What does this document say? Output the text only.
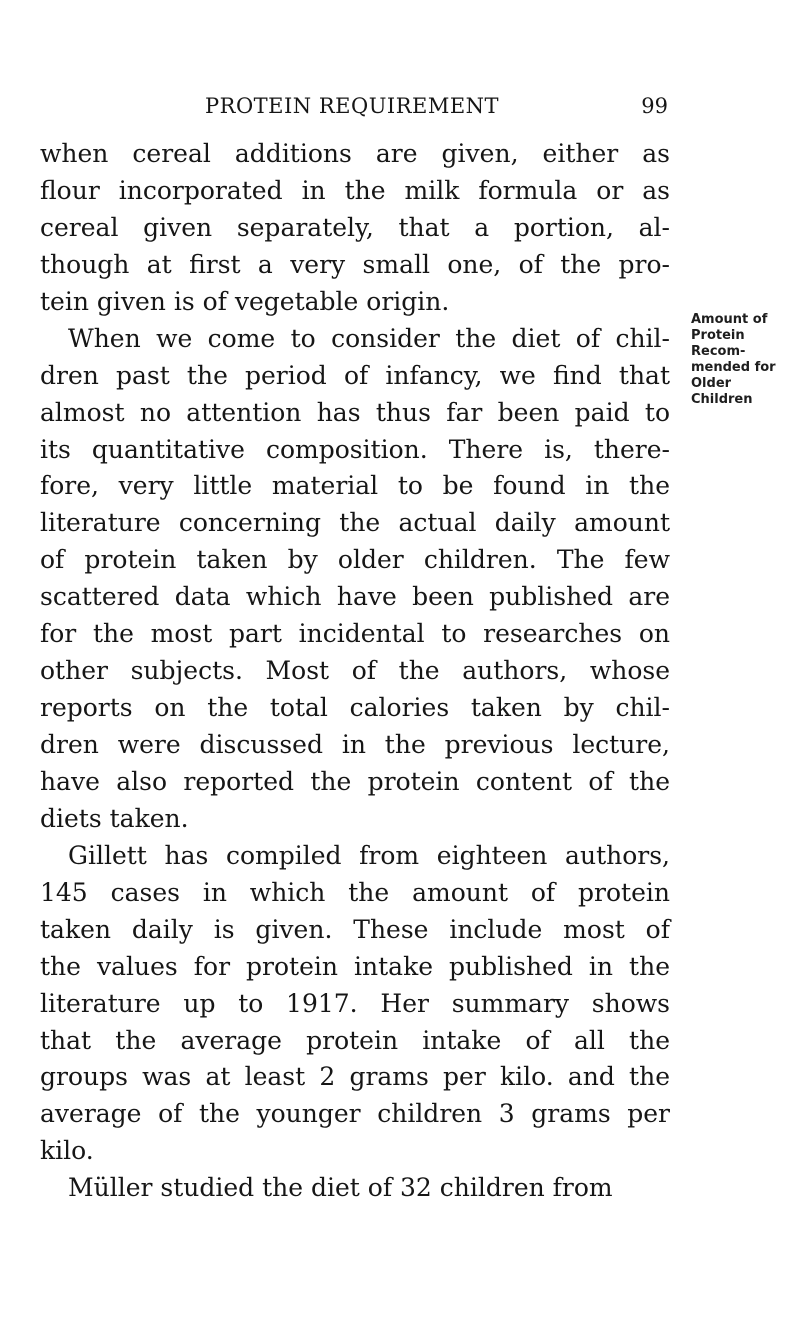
PROTEIN REQUIREMENT	99
when cereal additions are given, either as
flour incorporated in the milk formula or as
cereal given separately, that a portion, al-
though at first a very small one, of the pro-
tein given is of vegetable origin.
When we come to consider the diet of chil-
dren past the period of infancy, we find that
almost no attention has thus far been paid to
its quantitative composition. There is, there-
fore, very little material to be found in the
literature concerning the actual daily amount
of protein taken by older children. The few
scattered data which have been published are
for the most part incidental to researches on
other subjects. Most of the authors, whose
reports on the total calories taken by chil-
dren were discussed in the previous lecture,
have also reported the protein content of the
diets taken.
Gillett has compiled from eighteen authors,
145 cases in which the amount of protein
taken daily is given. These include most of
the values for protein intake published in the
literature up to 1917. Her summary shows
that the average protein intake of all the
groups was at least 2 grams per kilo. and the
average of the younger children 3 grams per
kilo.
Müller studied the diet of 32 children from
Amount of
Protein
Recom-
mended for
Older
Children
